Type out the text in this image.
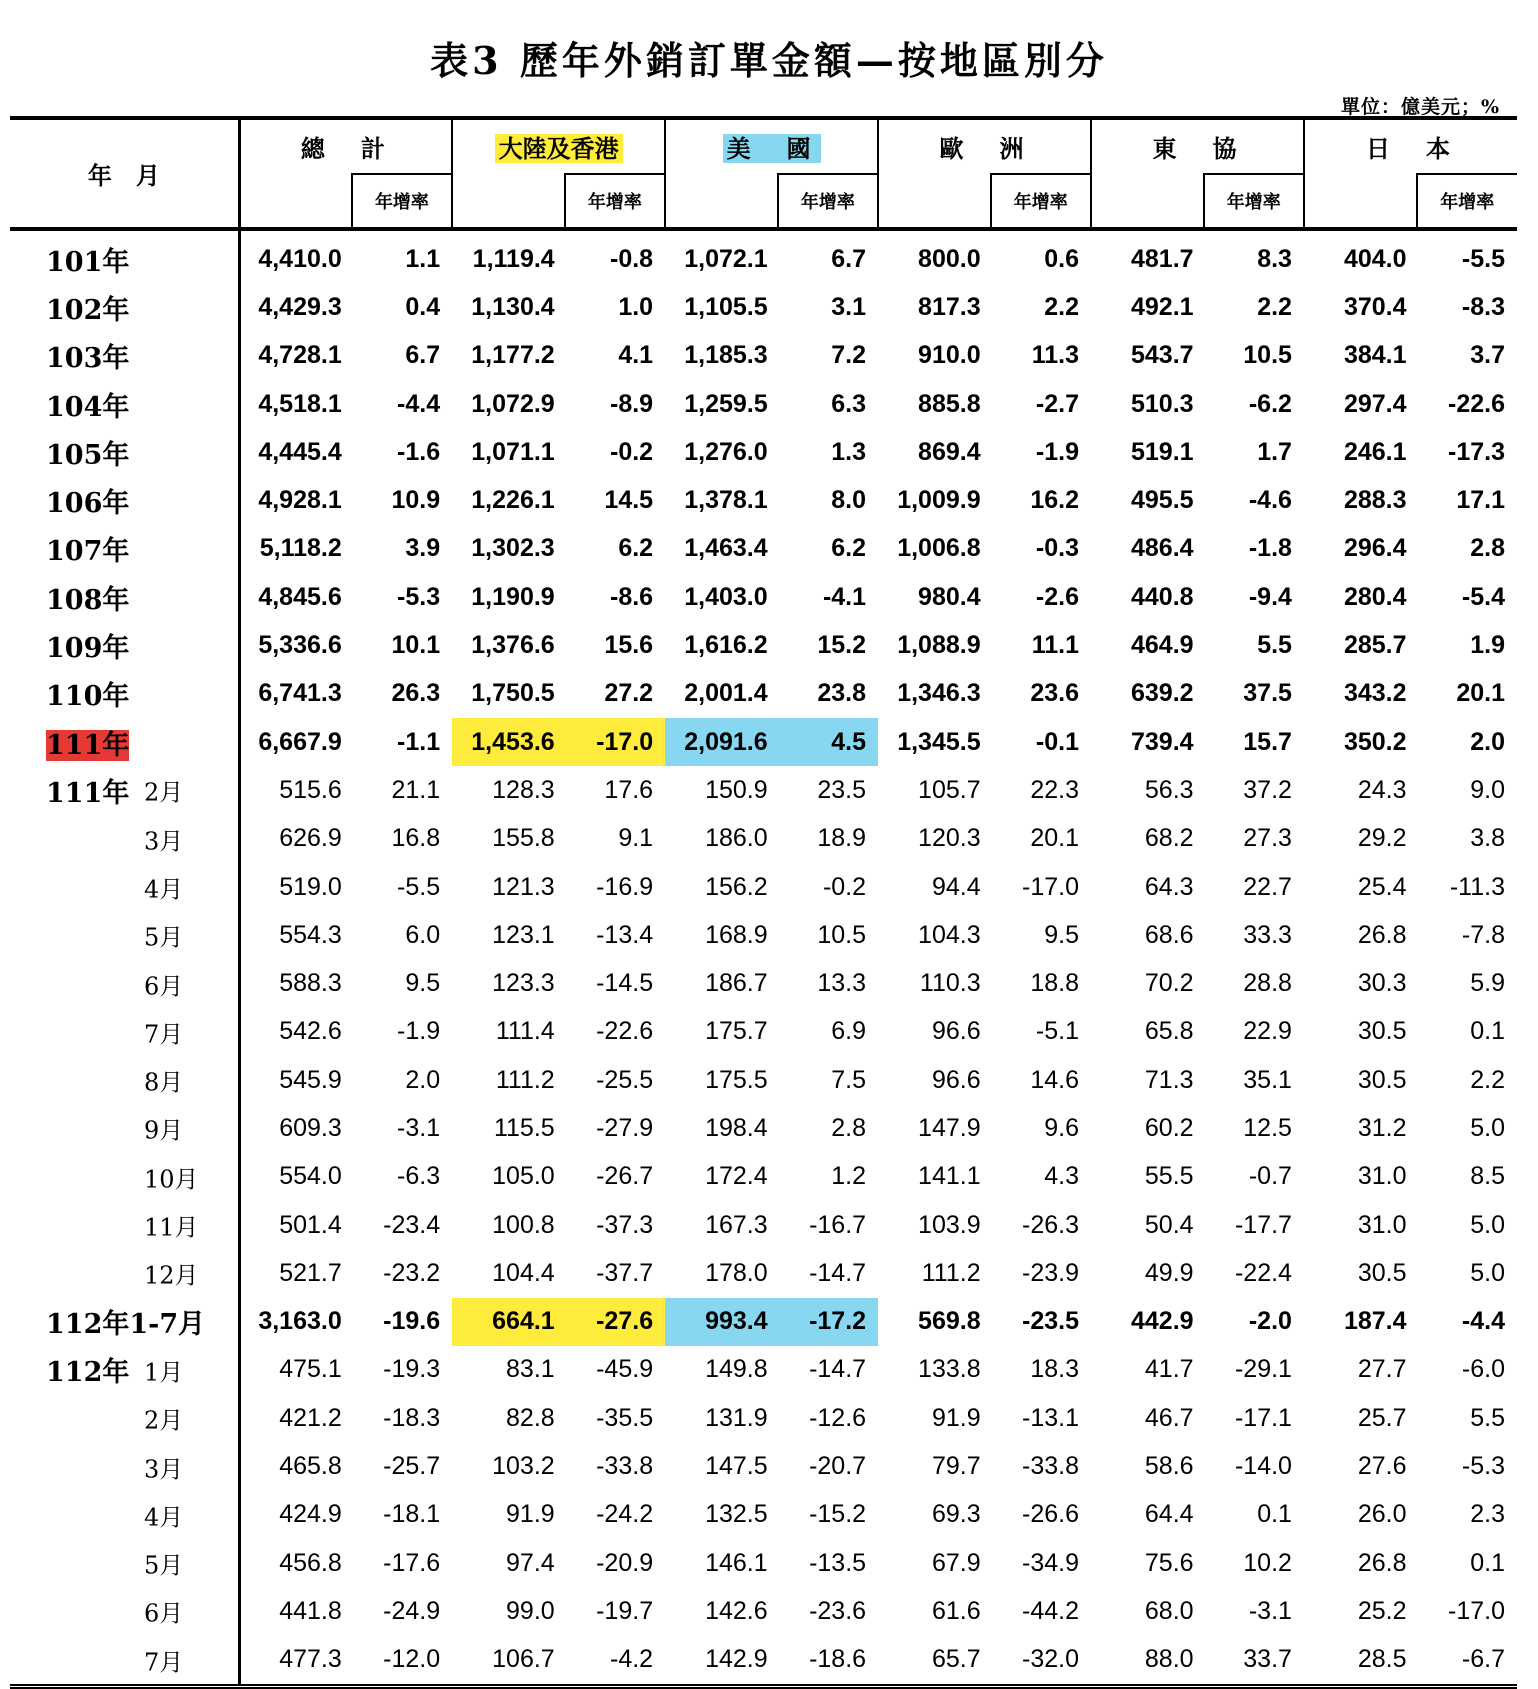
表3 歷年外銷訂單金額—按地區別分
單位：億美元；%
年　月	總　計		大陸及香港		美　國		歐　洲		東　協		日　本	
		年增率		年增率		年增率		年增率		年增率		年增率
101年	4,410.0	1.1	1,119.4	-0.8	1,072.1	6.7	800.0	0.6	481.7	8.3	404.0	-5.5
102年	4,429.3	0.4	1,130.4	1.0	1,105.5	3.1	817.3	2.2	492.1	2.2	370.4	-8.3
103年	4,728.1	6.7	1,177.2	4.1	1,185.3	7.2	910.0	11.3	543.7	10.5	384.1	3.7
104年	4,518.1	-4.4	1,072.9	-8.9	1,259.5	6.3	885.8	-2.7	510.3	-6.2	297.4	-22.6
105年	4,445.4	-1.6	1,071.1	-0.2	1,276.0	1.3	869.4	-1.9	519.1	1.7	246.1	-17.3
106年	4,928.1	10.9	1,226.1	14.5	1,378.1	8.0	1,009.9	16.2	495.5	-4.6	288.3	17.1
107年	5,118.2	3.9	1,302.3	6.2	1,463.4	6.2	1,006.8	-0.3	486.4	-1.8	296.4	2.8
108年	4,845.6	-5.3	1,190.9	-8.6	1,403.0	-4.1	980.4	-2.6	440.8	-9.4	280.4	-5.4
109年	5,336.6	10.1	1,376.6	15.6	1,616.2	15.2	1,088.9	11.1	464.9	5.5	285.7	1.9
110年	6,741.3	26.3	1,750.5	27.2	2,001.4	23.8	1,346.3	23.6	639.2	37.5	343.2	20.1
111年	6,667.9	-1.1	1,453.6	-17.0	2,091.6	4.5	1,345.5	-0.1	739.4	15.7	350.2	2.0
111年 2月	515.6	21.1	128.3	17.6	150.9	23.5	105.7	22.3	56.3	37.2	24.3	9.0

3月	626.9	16.8	155.8	9.1	186.0	18.9	120.3	20.1	68.2	27.3	29.2	3.8

4月	519.0	-5.5	121.3	-16.9	156.2	-0.2	94.4	-17.0	64.3	22.7	25.4	-11.3

5月	554.3	6.0	123.1	-13.4	168.9	10.5	104.3	9.5	68.6	33.3	26.8	-7.8

6月	588.3	9.5	123.3	-14.5	186.7	13.3	110.3	18.8	70.2	28.8	30.3	5.9

7月	542.6	-1.9	111.4	-22.6	175.7	6.9	96.6	-5.1	65.8	22.9	30.5	0.1

8月	545.9	2.0	111.2	-25.5	175.5	7.5	96.6	14.6	71.3	35.1	30.5	2.2

9月	609.3	-3.1	115.5	-27.9	198.4	2.8	147.9	9.6	60.2	12.5	31.2	5.0

10月	554.0	-6.3	105.0	-26.7	172.4	1.2	141.1	4.3	55.5	-0.7	31.0	8.5

11月	501.4	-23.4	100.8	-37.3	167.3	-16.7	103.9	-26.3	50.4	-17.7	31.0	5.0

12月	521.7	-23.2	104.4	-37.7	178.0	-14.7	111.2	-23.9	49.9	-22.4	30.5	5.0
112年1-7月	3,163.0	-19.6	664.1	-27.6	993.4	-17.2	569.8	-23.5	442.9	-2.0	187.4	-4.4
112年 1月	475.1	-19.3	83.1	-45.9	149.8	-14.7	133.8	18.3	41.7	-29.1	27.7	-6.0

2月	421.2	-18.3	82.8	-35.5	131.9	-12.6	91.9	-13.1	46.7	-17.1	25.7	5.5

3月	465.8	-25.7	103.2	-33.8	147.5	-20.7	79.7	-33.8	58.6	-14.0	27.6	-5.3

4月	424.9	-18.1	91.9	-24.2	132.5	-15.2	69.3	-26.6	64.4	0.1	26.0	2.3

5月	456.8	-17.6	97.4	-20.9	146.1	-13.5	67.9	-34.9	75.6	10.2	26.8	0.1

6月	441.8	-24.9	99.0	-19.7	142.6	-23.6	61.6	-44.2	68.0	-3.1	25.2	-17.0

7月	477.3	-12.0	106.7	-4.2	142.9	-18.6	65.7	-32.0	88.0	33.7	28.5	-6.7
